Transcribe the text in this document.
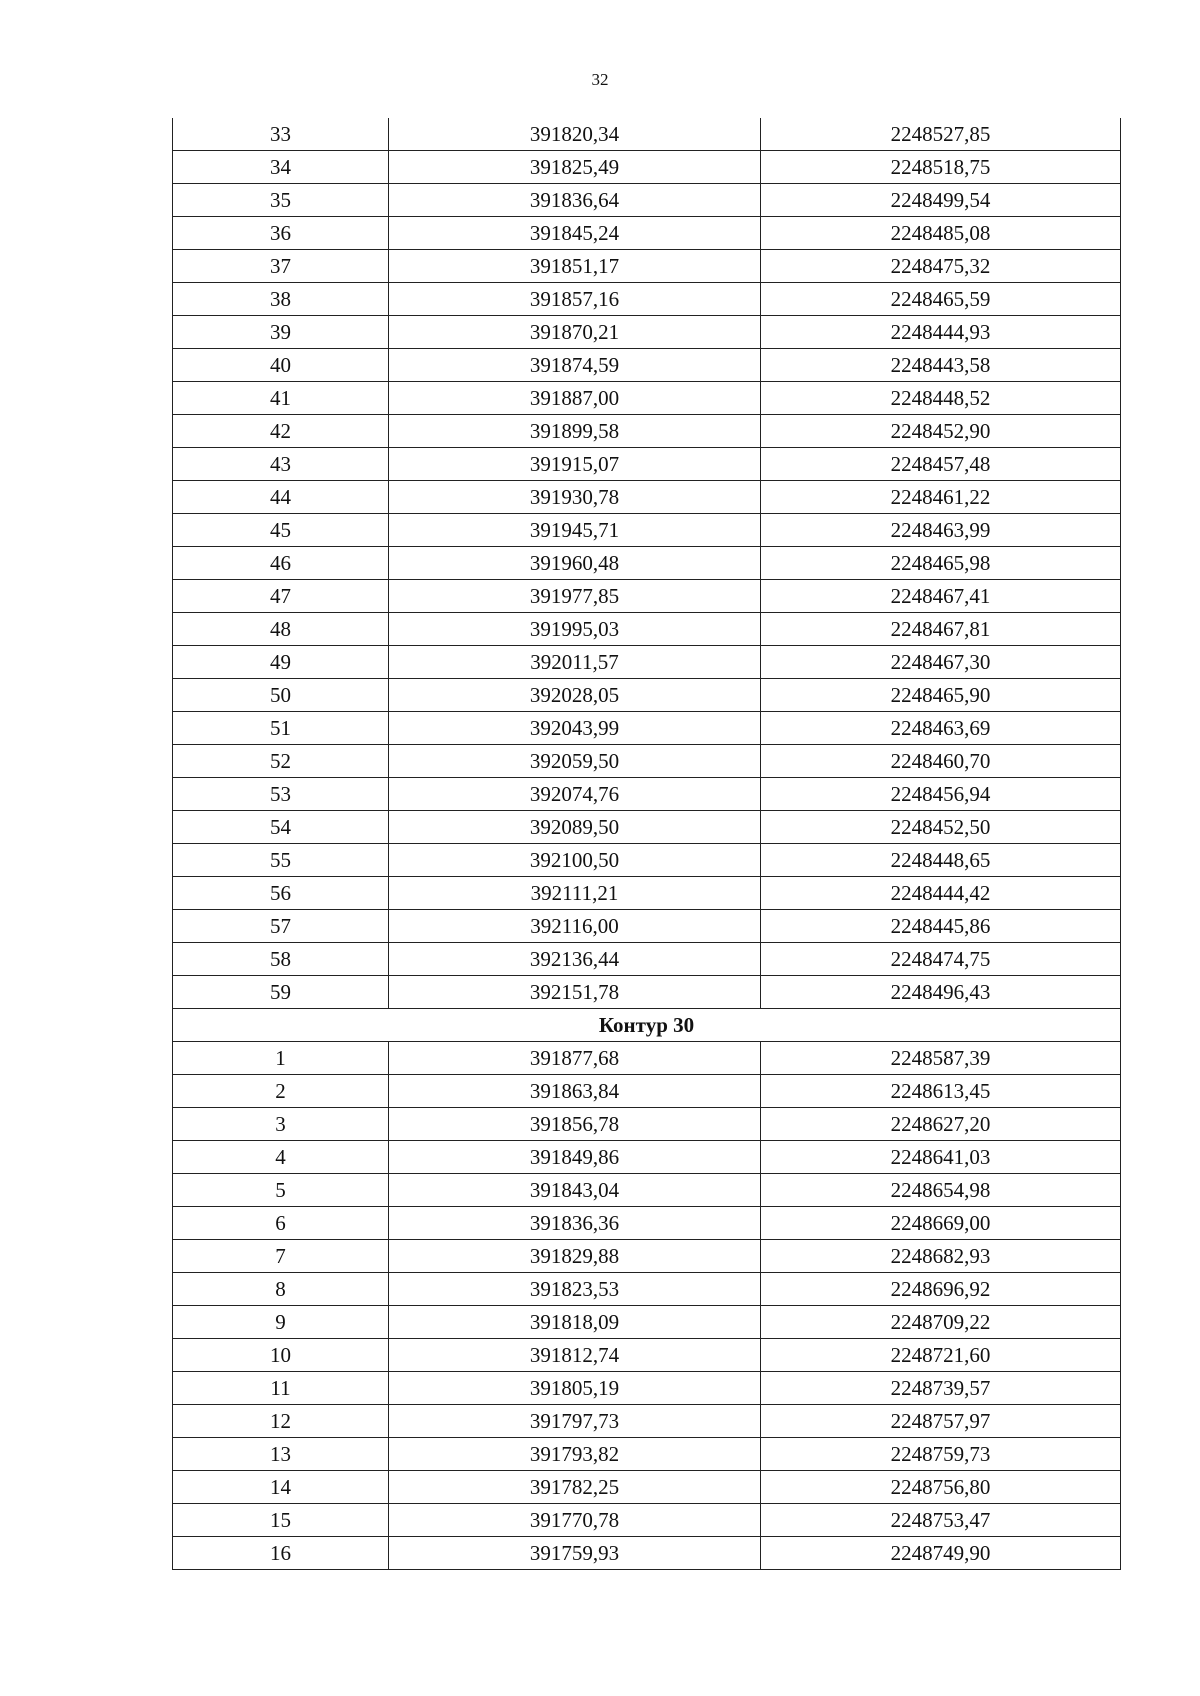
32
33	391820,34	2248527,85
34	391825,49	2248518,75
35	391836,64	2248499,54
36	391845,24	2248485,08
37	391851,17	2248475,32
38	391857,16	2248465,59
39	391870,21	2248444,93
40	391874,59	2248443,58
41	391887,00	2248448,52
42	391899,58	2248452,90
43	391915,07	2248457,48
44	391930,78	2248461,22
45	391945,71	2248463,99
46	391960,48	2248465,98
47	391977,85	2248467,41
48	391995,03	2248467,81
49	392011,57	2248467,30
50	392028,05	2248465,90
51	392043,99	2248463,69
52	392059,50	2248460,70
53	392074,76	2248456,94
54	392089,50	2248452,50
55	392100,50	2248448,65
56	392111,21	2248444,42
57	392116,00	2248445,86
58	392136,44	2248474,75
59	392151,78	2248496,43
Контур 30		
1	391877,68	2248587,39
2	391863,84	2248613,45
3	391856,78	2248627,20
4	391849,86	2248641,03
5	391843,04	2248654,98
6	391836,36	2248669,00
7	391829,88	2248682,93
8	391823,53	2248696,92
9	391818,09	2248709,22
10	391812,74	2248721,60
11	391805,19	2248739,57
12	391797,73	2248757,97
13	391793,82	2248759,73
14	391782,25	2248756,80
15	391770,78	2248753,47
16	391759,93	2248749,90
